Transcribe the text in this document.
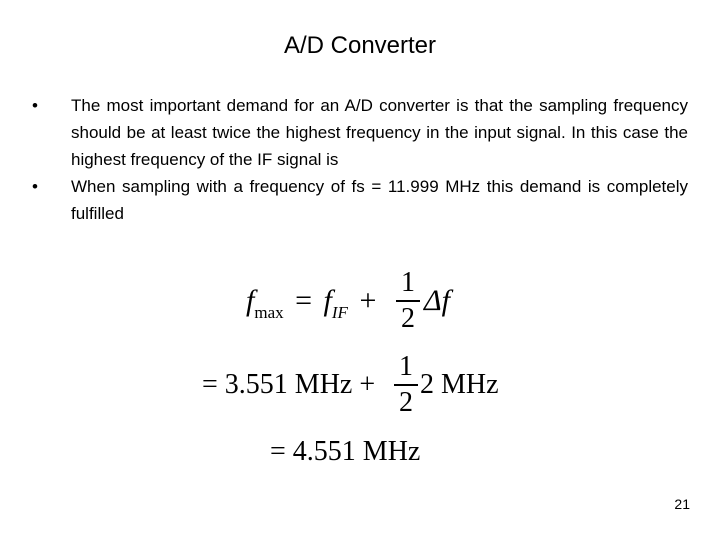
A/D Converter
•	The most important demand for an A/D converter is that the sampling frequency should be at least twice the highest frequency in the input signal. In this case the highest frequency of the IF signal is
•	When sampling with a frequency of fs = 11.999 MHz this demand is completely fulfilled
$f_{max} = f_{IF}$ +
1
2
Δf
= 3.551 MHz +
1
2
2 MHz
= 4.551 MHz
21
